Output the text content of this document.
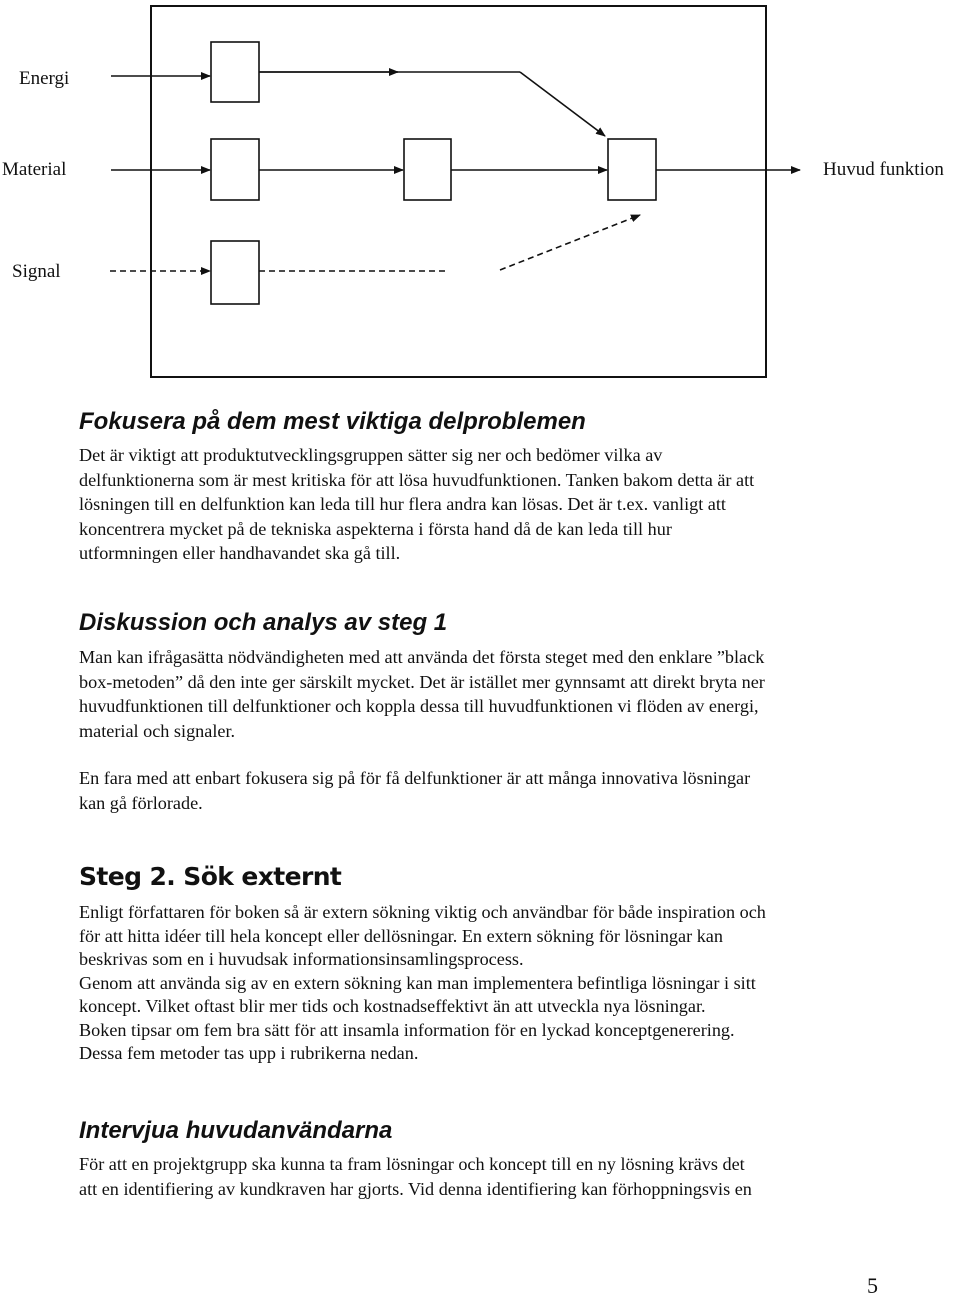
Energi
Material
Signal
Huvud funktion
Fokusera på dem mest viktiga delproblemen

Det är viktigt att produktutvecklingsgruppen sätter sig ner och bedömer vilka av
delfunktionerna som är mest kritiska för att lösa huvudfunktionen. Tanken bakom detta är att
lösningen till en delfunktion kan leda till hur flera andra kan lösas. Det är t.ex. vanligt att
koncentrera mycket på de tekniska aspekterna i första hand då de kan leda till hur
utformningen eller handhavandet ska gå till.

Diskussion och analys av steg 1

Man kan ifrågasätta nödvändigheten med att använda det första steget med den enklare ”black
box-metoden” då den inte ger särskilt mycket. Det är istället mer gynnsamt att direkt bryta ner
huvudfunktionen till delfunktioner och koppla dessa till huvudfunktionen vi flöden av energi,
material och signaler.

En fara med att enbart fokusera sig på för få delfunktioner är att många innovativa lösningar
kan gå förlorade.

Steg 2. Sök externt

Enligt författaren för boken så är extern sökning viktig och användbar för både inspiration och
för att hitta idéer till hela koncept eller dellösningar. En extern sökning för lösningar kan
beskrivas som en i huvudsak informationsinsamlingsprocess.
Genom att använda sig av en extern sökning kan man implementera befintliga lösningar i sitt
koncept. Vilket oftast blir mer tids och kostnadseffektivt än att utveckla nya lösningar.
Boken tipsar om fem bra sätt för att insamla information för en lyckad konceptgenerering.
Dessa fem metoder tas upp i rubrikerna nedan.

Intervjua huvudanvändarna

För att en projektgrupp ska kunna ta fram lösningar och koncept till en ny lösning krävs det
att en identifiering av kundkraven har gjorts. Vid denna identifiering kan förhoppningsvis en

5
